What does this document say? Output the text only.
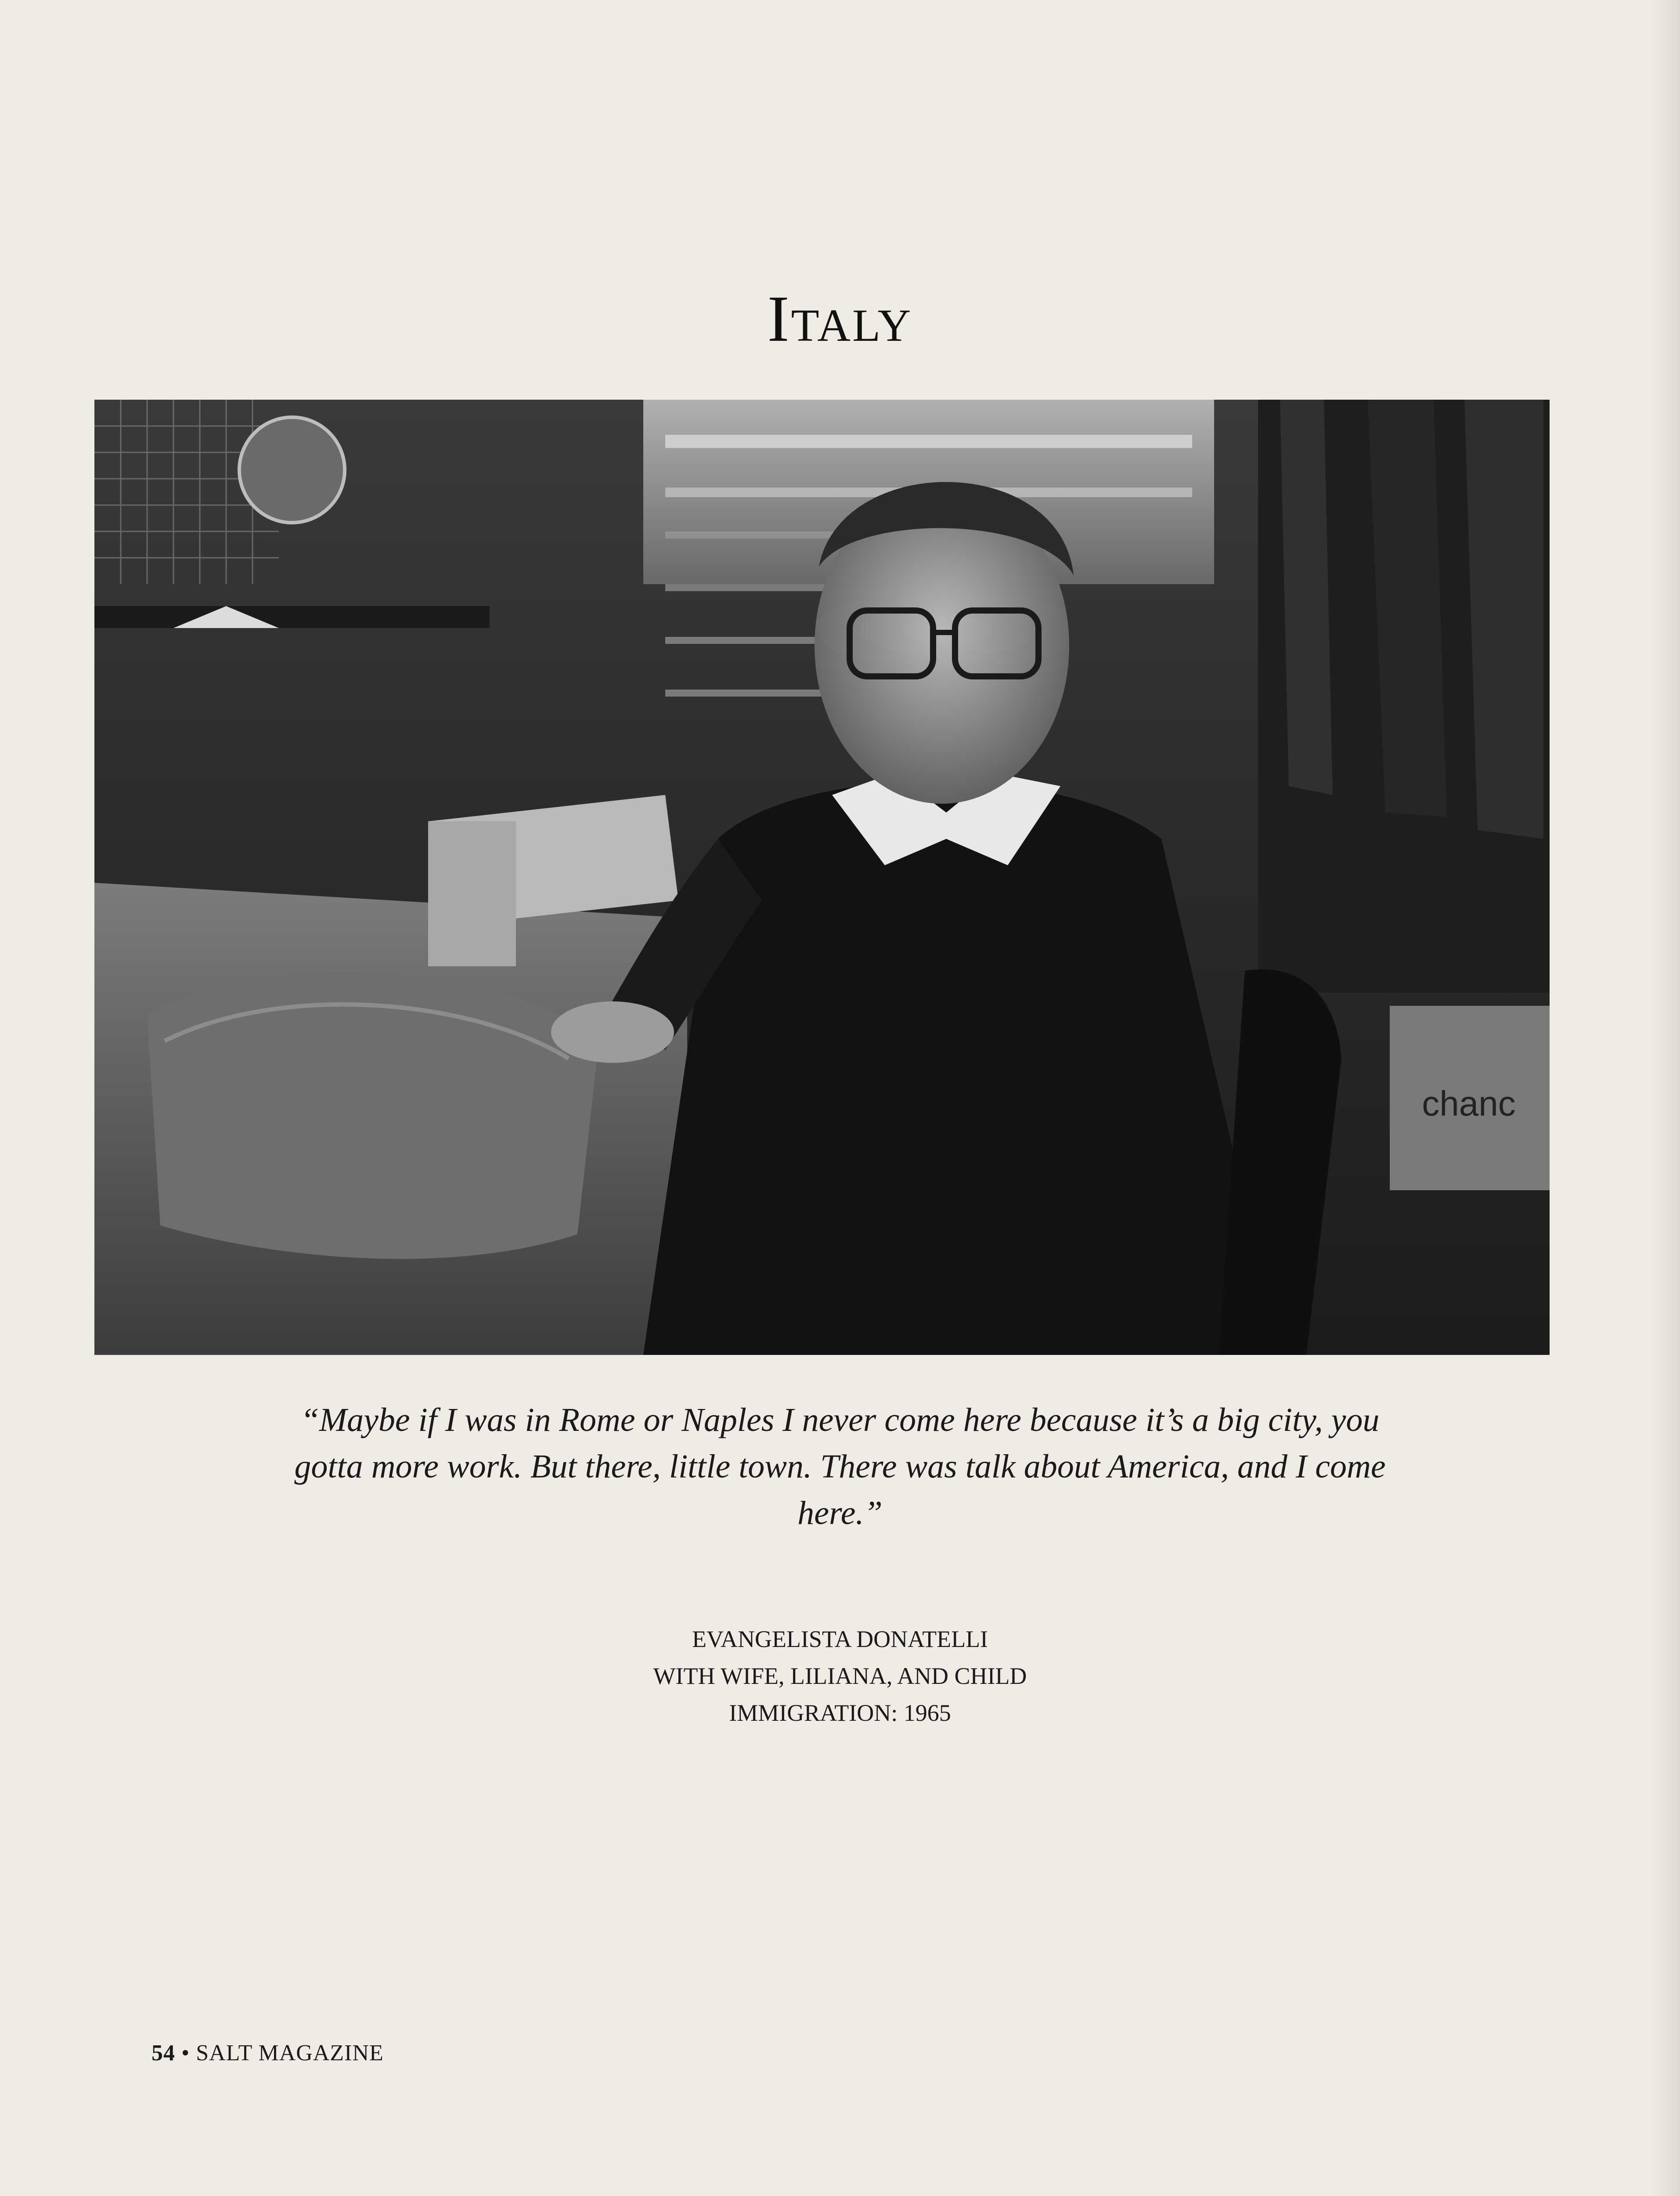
Italy
chanc
“Maybe if I was in Rome or Naples I never come here because it’s a big city, you gotta more work. But there, little town. There was talk about America, and I come here.”
EVANGELISTA DONATELLI
WITH WIFE, LILIANA, AND CHILD
IMMIGRATION: 1965
54 • SALT MAGAZINE
